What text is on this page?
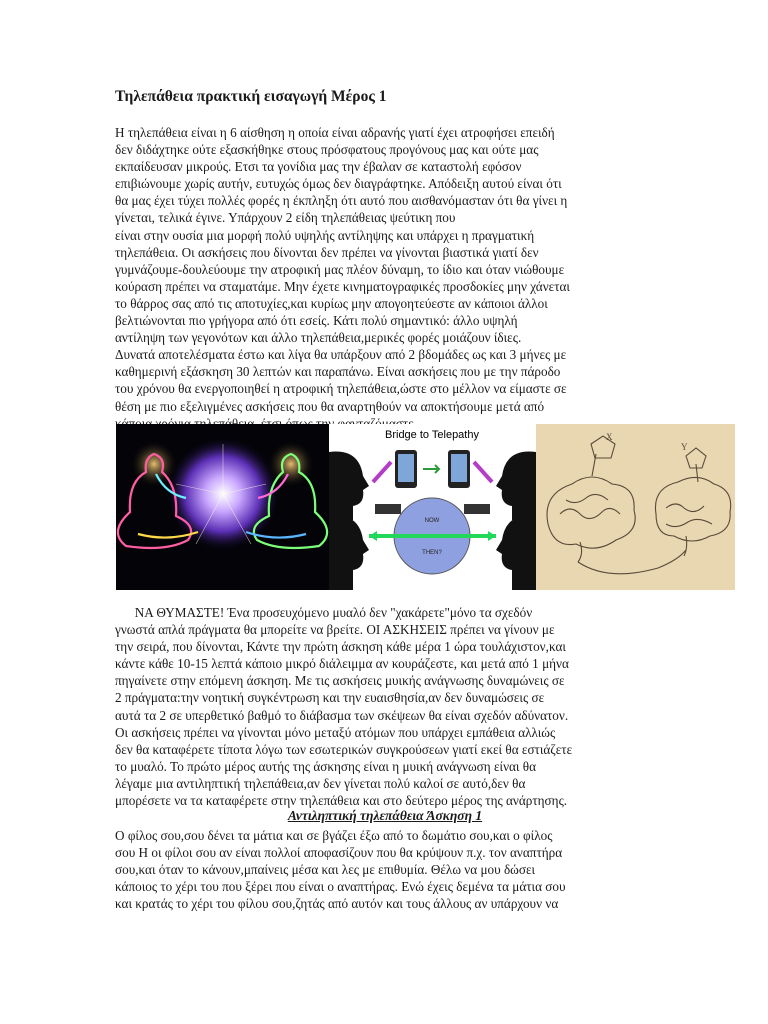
Τηλεπάθεια πρακτική εισαγωγή Μέρος 1
Η τηλεπάθεια είναι η 6 αίσθηση η οποία είναι αδρανής γιατί έχει ατροφήσει επειδή
δεν διδάχτηκε ούτε εξασκήθηκε στους πρόσφατους προγόνους μας και ούτε μας
εκπαίδευσαν μικρούς. Ετσι τα γονίδια μας την έβαλαν σε καταστολή εφόσον
επιβιώνουμε χωρίς αυτήν, ευτυχώς όμως δεν διαγράφτηκε. Απόδειξη αυτού είναι ότι
θα μας έχει τύχει πολλές φορές η έκπληξη ότι αυτό που αισθανόμασταν ότι θα γίνει η
γίνεται, τελικά έγινε. Υπάρχουν 2 είδη τηλεπάθειας ψεύτικη που
είναι στην ουσία μια μορφή πολύ υψηλής αντίληψης και υπάρχει η πραγματική
τηλεπάθεια. Οι ασκήσεις που δίνονται δεν πρέπει να γίνονται βιαστικά γιατί δεν
γυμνάζουμε-δουλεύουμε την ατροφική μας πλέον δύναμη, το ίδιο και όταν νιώθουμε
κούραση πρέπει να σταματάμε. Μην έχετε κινηματογραφικές προσδοκίες μην χάνεται
το θάρρος σας από τις αποτυχίες,και κυρίως μην απογοητεύεστε αν κάποιοι άλλοι
βελτιώνονται πιο γρήγορα από ότι εσείς. Κάτι πολύ σημαντικό: άλλο υψηλή
αντίληψη των γεγονότων και άλλο τηλεπάθεια,μερικές φορές μοιάζουν ίδιες.
Δυνατά αποτελέσματα έστω και λίγα θα υπάρξουν από 2 βδομάδες ως και 3 μήνες με
καθημερινή εξάσκηση 30 λεπτών και παραπάνω. Είναι ασκήσεις που με την πάροδο
του χρόνου θα ενεργοποιηθεί η ατροφική τηλεπάθεια,ώστε στο μέλλον να είμαστε σε
θέση με πιο εξελιγμένες ασκήσεις που θα αναρτηθούν να αποκτήσουμε μετά από
Bridge to Telepathy
NOW
THEN?
X
Y
ΝΑ ΘΥΜΑΣΤΕ! Ένα προσευχόμενο μυαλό δεν "χακάρετε"μόνο τα σχεδόν
γνωστά απλά πράγματα θα μπορείτε να βρείτε. ΟΙ ΑΣΚΗΣΕΙΣ πρέπει να γίνουν με
την σειρά, που δίνονται, Κάντε την πρώτη άσκηση κάθε μέρα 1 ώρα τουλάχιστον,και
κάντε κάθε 10-15 λεπτά κάποιο μικρό διάλειμμα αν κουράζεστε, και μετά από 1 μήνα
πηγαίνετε στην επόμενη άσκηση. Με τις ασκήσεις μυικής ανάγνωσης δυναμώνεις σε
2 πράγματα:την νοητική συγκέντρωση και την ευαισθησία,αν δεν δυναμώσεις σε
αυτά τα 2 σε υπερθετικό βαθμό το διάβασμα των σκέψεων θα είναι σχεδόν αδύνατον.
Οι ασκήσεις πρέπει να γίνονται μόνο μεταξύ ατόμων που υπάρχει εμπάθεια αλλιώς
δεν θα καταφέρετε τίποτα λόγω των εσωτερικών συγκρούσεων γιατί εκεί θα εστιάζετε
το μυαλό. Το πρώτο μέρος αυτής της άσκησης είναι η μυική ανάγνωση είναι θα
λέγαμε μια αντιληπτική τηλεπάθεια,αν δεν γίνεται πολύ καλοί σε αυτό,δεν θα
μπορέσετε να τα καταφέρετε στην τηλεπάθεια και στο δεύτερο μέρος της ανάρτησης.
Αντιληπτική τηλεπάθεια Άσκηση 1
Ο φίλος σου,σου δένει τα μάτια και σε βγάζει έξω από το δωμάτιο σου,και ο φίλος
σου Η οι φίλοι σου αν είναι πολλοί αποφασίζουν που θα κρύψουν π.χ. τον αναπτήρα
σου,και όταν το κάνουν,μπαίνεις μέσα και λες με επιθυμία. Θέλω να μου δώσει
κάποιος το χέρι του που ξέρει που είναι ο αναπτήρας. Ενώ έχεις δεμένα τα μάτια σου
και κρατάς το χέρι του φίλου σου,ζητάς από αυτόν και τους άλλους αν υπάρχουν να
